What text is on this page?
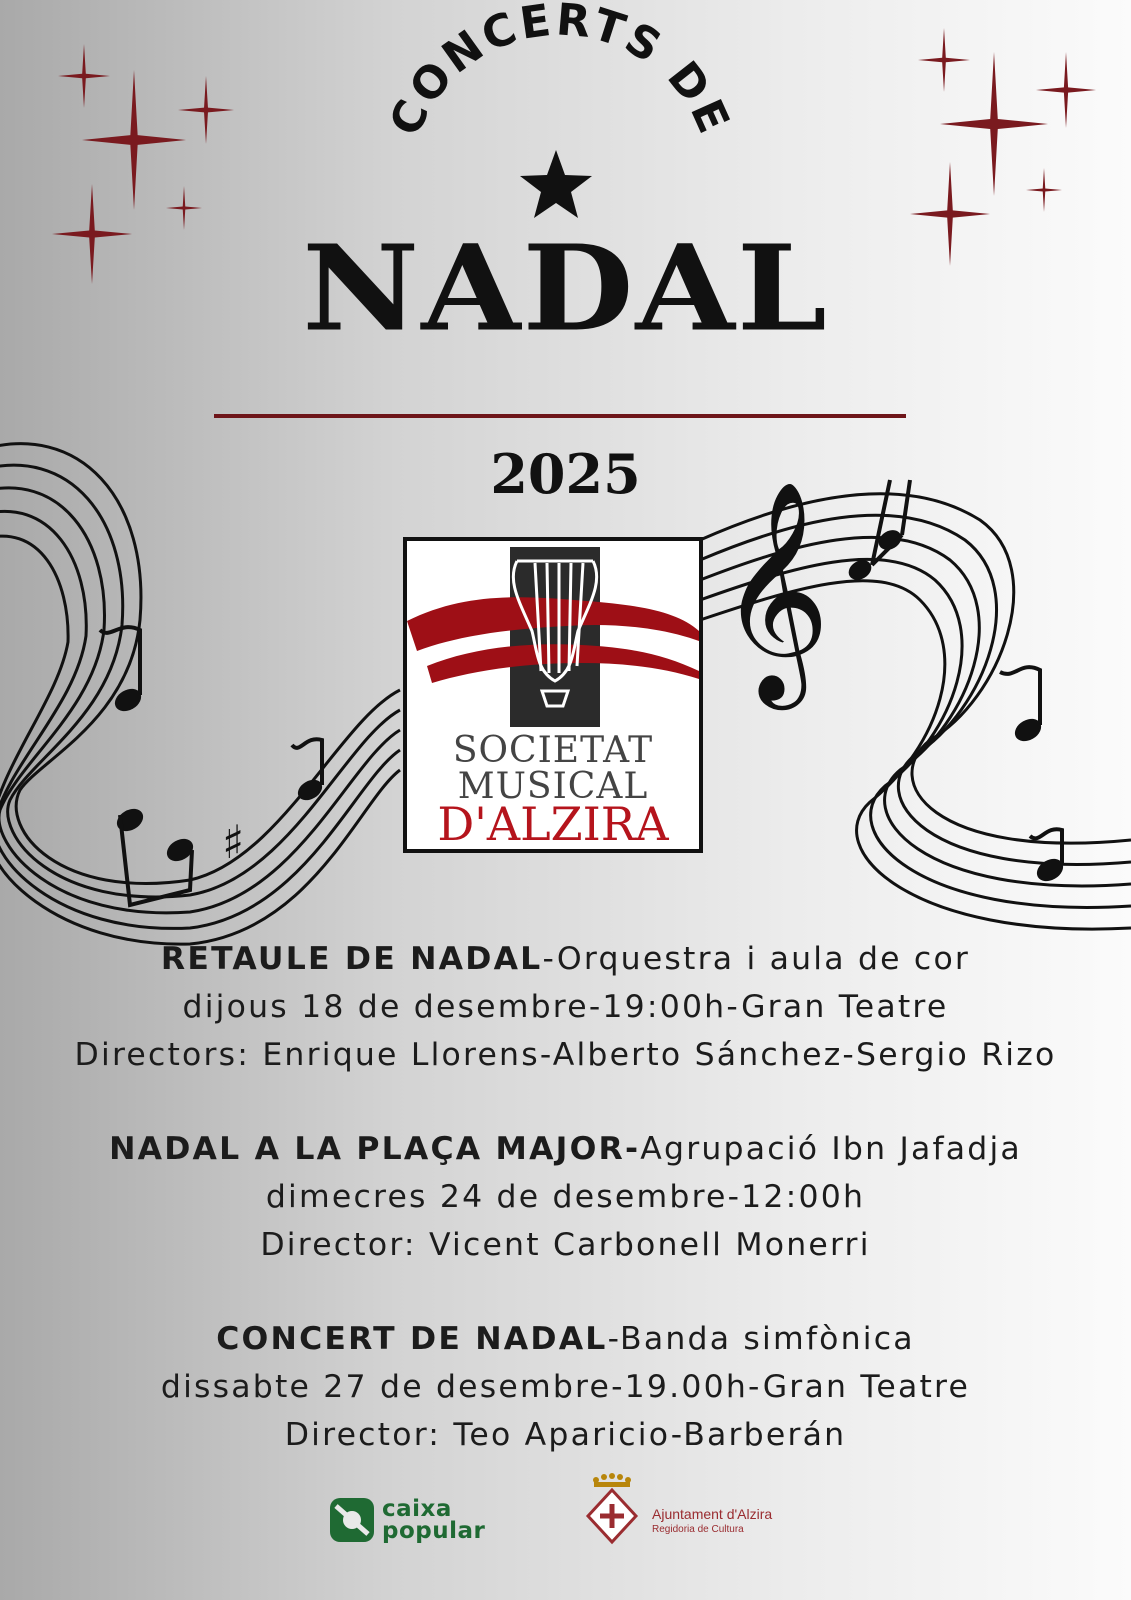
CONCERTS DE
NADAL
2025
♯
𝄞
SOCIETAT
MUSICAL
D'ALZIRA
RETAULE DE NADAL-Orquestra i aula de cor
dijous 18 de desembre-19:00h-Gran Teatre
Directors: Enrique Llorens-Alberto Sánchez-Sergio Rizo
NADAL A LA PLAÇA MAJOR-Agrupació Ibn Jafadja
dimecres 24 de desembre-12:00h
Director: Vicent Carbonell Monerri
CONCERT DE NADAL-Banda simfònica
dissabte 27 de desembre-19.00h-Gran Teatre
Director: Teo Aparicio-Barberán
caixa
popular
Ajuntament d'Alzira
Regidoria de Cultura
